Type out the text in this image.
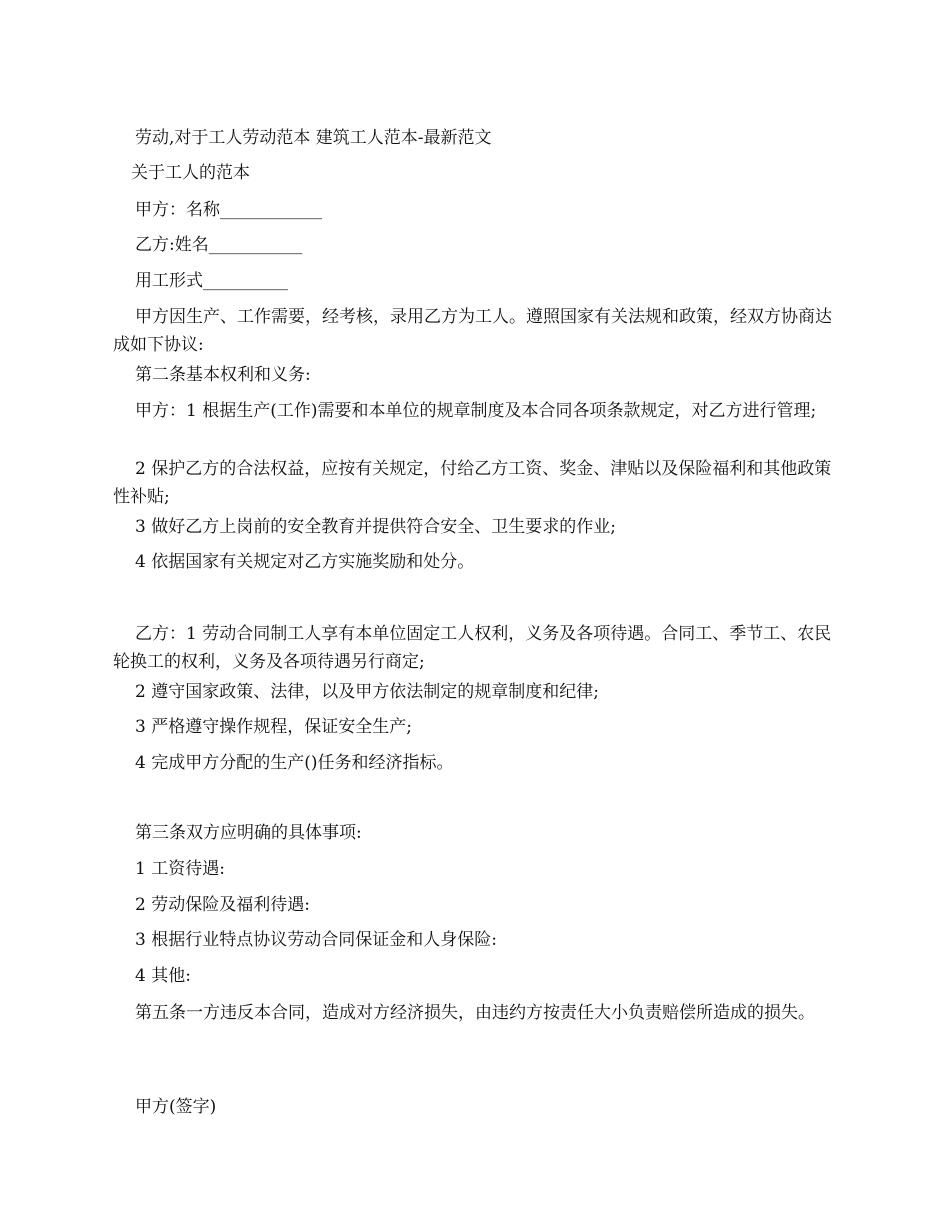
劳动,对于工人劳动范本 建筑工人范本-最新范文
关于工人的范本
甲方：名称____________
乙方:姓名___________
用工形式__________
甲方因生产、工作需要，经考核，录用乙方为工人。遵照国家有关法规和政策，经双方协商达成如下协议:
第二条基本权利和义务:
甲方：1 根据生产(工作)需要和本单位的规章制度及本合同各项条款规定，对乙方进行管理;
2 保护乙方的合法权益，应按有关规定，付给乙方工资、奖金、津贴以及保险福利和其他政策性补贴;
3 做好乙方上岗前的安全教育并提供符合安全、卫生要求的作业;
4 依据国家有关规定对乙方实施奖励和处分。
乙方：1 劳动合同制工人享有本单位固定工人权利，义务及各项待遇。合同工、季节工、农民轮换工的权利，义务及各项待遇另行商定;
2 遵守国家政策、法律，以及甲方依法制定的规章制度和纪律;
3 严格遵守操作规程，保证安全生产;
4 完成甲方分配的生产()任务和经济指标。
第三条双方应明确的具体事项:
1 工资待遇:
2 劳动保险及福利待遇:
3 根据行业特点协议劳动合同保证金和人身保险:
4 其他:
第五条一方违反本合同，造成对方经济损失，由违约方按责任大小负责赔偿所造成的损失。
甲方(签字)
